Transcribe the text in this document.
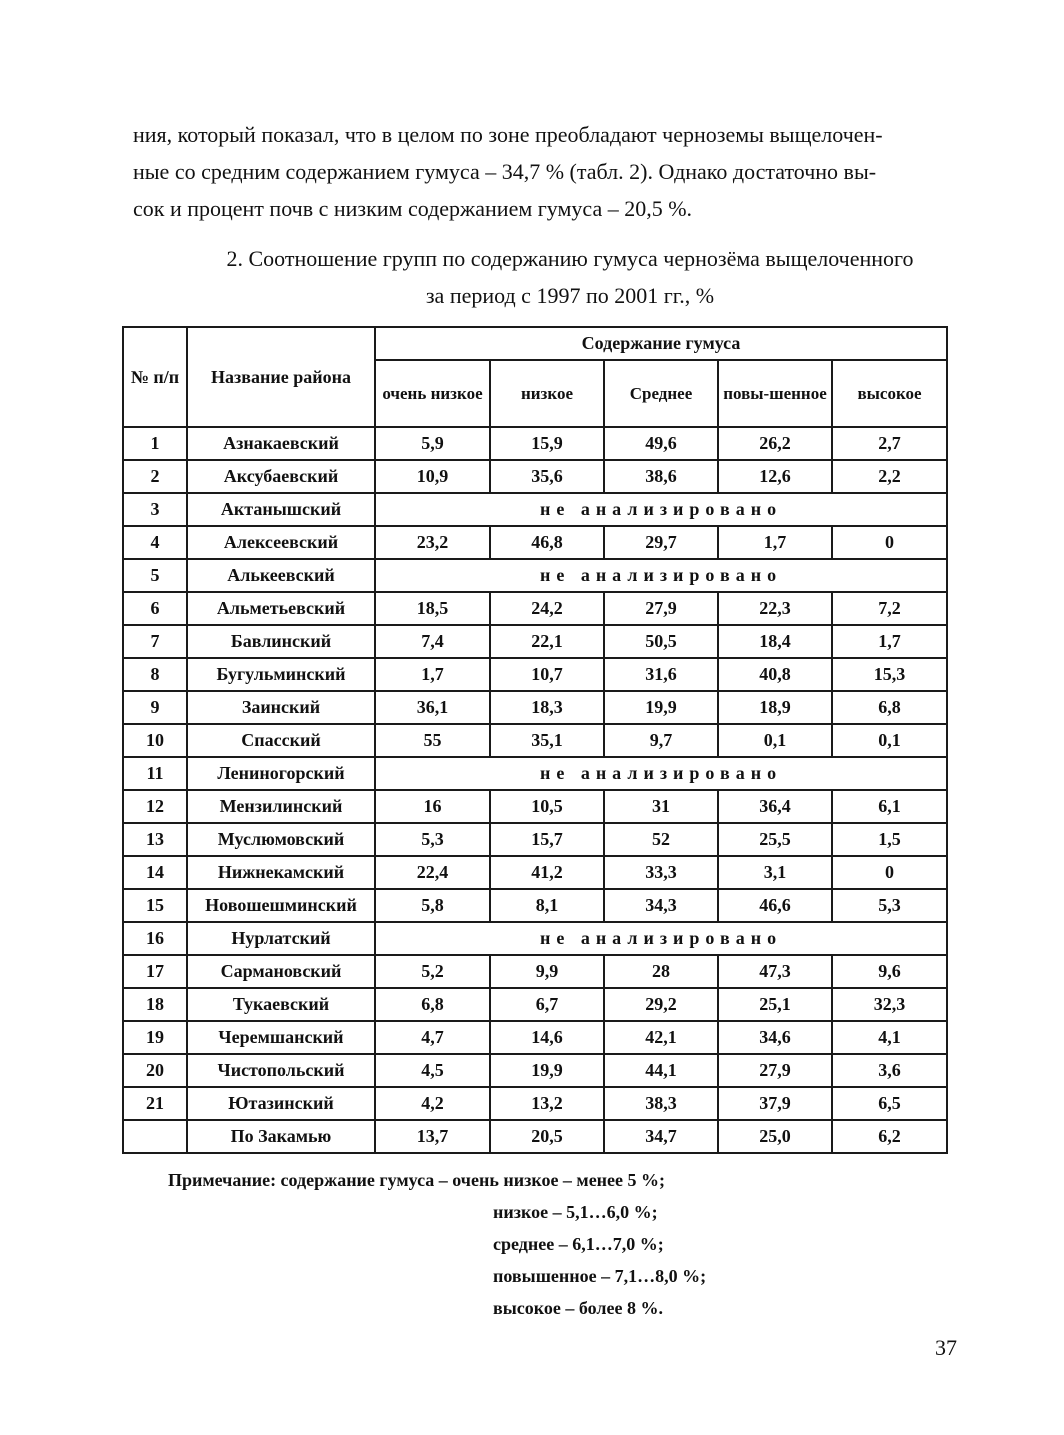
ния, который показал, что в целом по зоне преобладают черноземы выщелочен-
ные со средним содержанием гумуса – 34,7 % (табл. 2). Однако достаточно вы-
сок и процент почв с низким содержанием гумуса – 20,5 %.
2. Соотношение групп по содержанию гумуса чернозёма выщелоченного
за период с 1997 по 2001 гг., %
№ п/п	Название района	Содержание гумуса				
		очень низкое	низкое	Среднее	повы-шенное	высокое
1	Азнакаевский	5,9	15,9	49,6	26,2	2,7
2	Аксубаевский	10,9	35,6	38,6	12,6	2,2
3	Актанышский	не анализировано				
4	Алексеевский	23,2	46,8	29,7	1,7	0
5	Алькеевский	не анализировано				
6	Альметьевский	18,5	24,2	27,9	22,3	7,2
7	Бавлинский	7,4	22,1	50,5	18,4	1,7
8	Бугульминский	1,7	10,7	31,6	40,8	15,3
9	Заинский	36,1	18,3	19,9	18,9	6,8
10	Спасский	55	35,1	9,7	0,1	0,1
11	Лениногорский	не анализировано				
12	Мензилинский	16	10,5	31	36,4	6,1
13	Муслюмовский	5,3	15,7	52	25,5	1,5
14	Нижнекамский	22,4	41,2	33,3	3,1	0
15	Новошешминский	5,8	8,1	34,3	46,6	5,3
16	Нурлатский	не анализировано				
17	Сармановский	5,2	9,9	28	47,3	9,6
18	Тукаевский	6,8	6,7	29,2	25,1	32,3
19	Черемшанский	4,7	14,6	42,1	34,6	4,1
20	Чистопольский	4,5	19,9	44,1	27,9	3,6
21	Ютазинский	4,2	13,2	38,3	37,9	6,5
	По Закамью	13,7	20,5	34,7	25,0	6,2
Примечание: содержание гумуса – очень низкое – менее 5 %;
низкое – 5,1…6,0 %;
среднее – 6,1…7,0 %;
повышенное – 7,1…8,0 %;
высокое – более 8 %.
37
